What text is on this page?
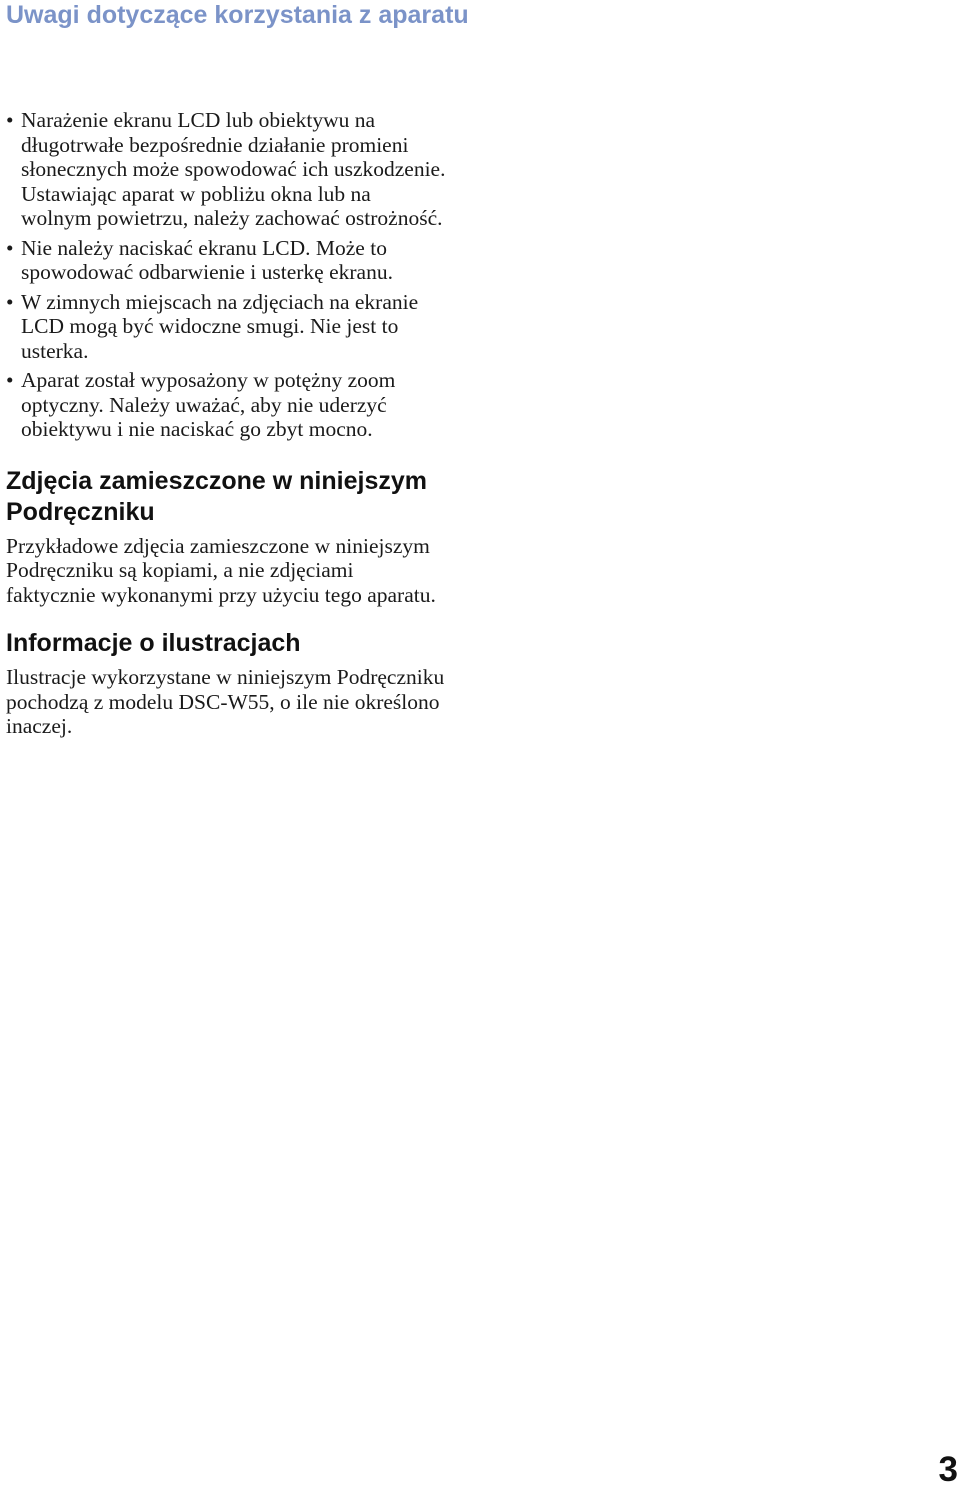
Uwagi dotyczące korzystania z aparatu
• Narażenie ekranu LCD lub obiektywu na długotrwałe bezpośrednie działanie promieni słonecznych może spowodować ich uszkodzenie. Ustawiając aparat w pobliżu okna lub na wolnym powietrzu, należy zachować ostrożność.
• Nie należy naciskać ekranu LCD. Może to spowodować odbarwienie i usterkę ekranu.
• W zimnych miejscach na zdjęciach na ekranie LCD mogą być widoczne smugi. Nie jest to usterka.
• Aparat został wyposażony w potężny zoom optyczny. Należy uważać, aby nie uderzyć obiektywu i nie naciskać go zbyt mocno.
Zdjęcia zamieszczone w niniejszym Podręczniku

Przykładowe zdjęcia zamieszczone w niniejszym Podręczniku są kopiami, a nie zdjęciami faktycznie wykonanymi przy użyciu tego aparatu.

Informacje o ilustracjach

Ilustracje wykorzystane w niniejszym Podręczniku pochodzą z modelu DSC-W55, o ile nie określono inaczej.

3
